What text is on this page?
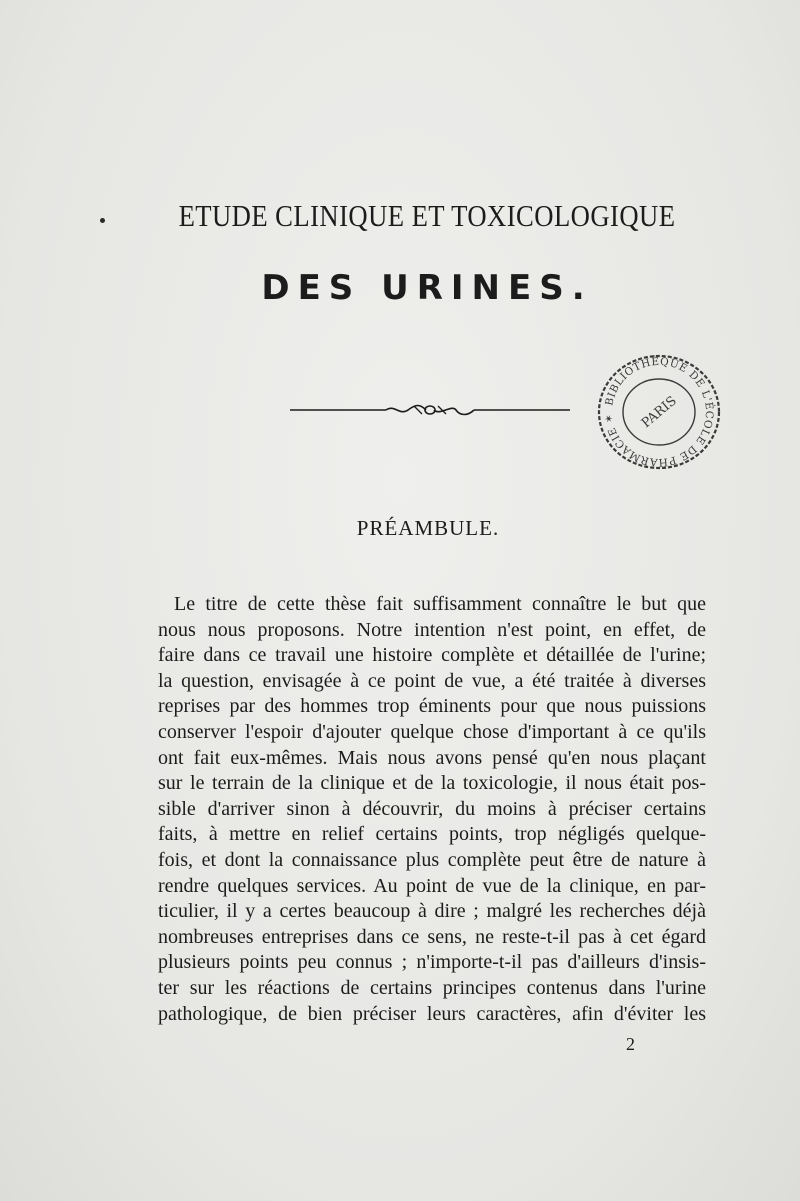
ETUDE CLINIQUE ET TOXICOLOGIQUE
DES URINES.
BIBLIOTHÈQUE DE L'ÉCOLE DE PHARMACIE ✶	PARIS
PRÉAMBULE.
Le titre de cette thèse fait suffisamment connaître le but que
nous nous proposons. Notre intention n'est point, en effet, de
faire dans ce travail une histoire complète et détaillée de l'urine;
la question, envisagée à ce point de vue, a été traitée à diverses
reprises par des hommes trop éminents pour que nous puissions
conserver l'espoir d'ajouter quelque chose d'important à ce qu'ils
ont fait eux-mêmes. Mais nous avons pensé qu'en nous plaçant
sur le terrain de la clinique et de la toxicologie, il nous était pos-
sible d'arriver sinon à découvrir, du moins à préciser certains
faits, à mettre en relief certains points, trop négligés quelque-
fois, et dont la connaissance plus complète peut être de nature à
rendre quelques services. Au point de vue de la clinique, en par-
ticulier, il y a certes beaucoup à dire ; malgré les recherches déjà
nombreuses entreprises dans ce sens, ne reste-t-il pas à cet égard
plusieurs points peu connus ; n'importe-t-il pas d'ailleurs d'insis-
ter sur les réactions de certains principes contenus dans l'urine
pathologique, de bien préciser leurs caractères, afin d'éviter les
2
